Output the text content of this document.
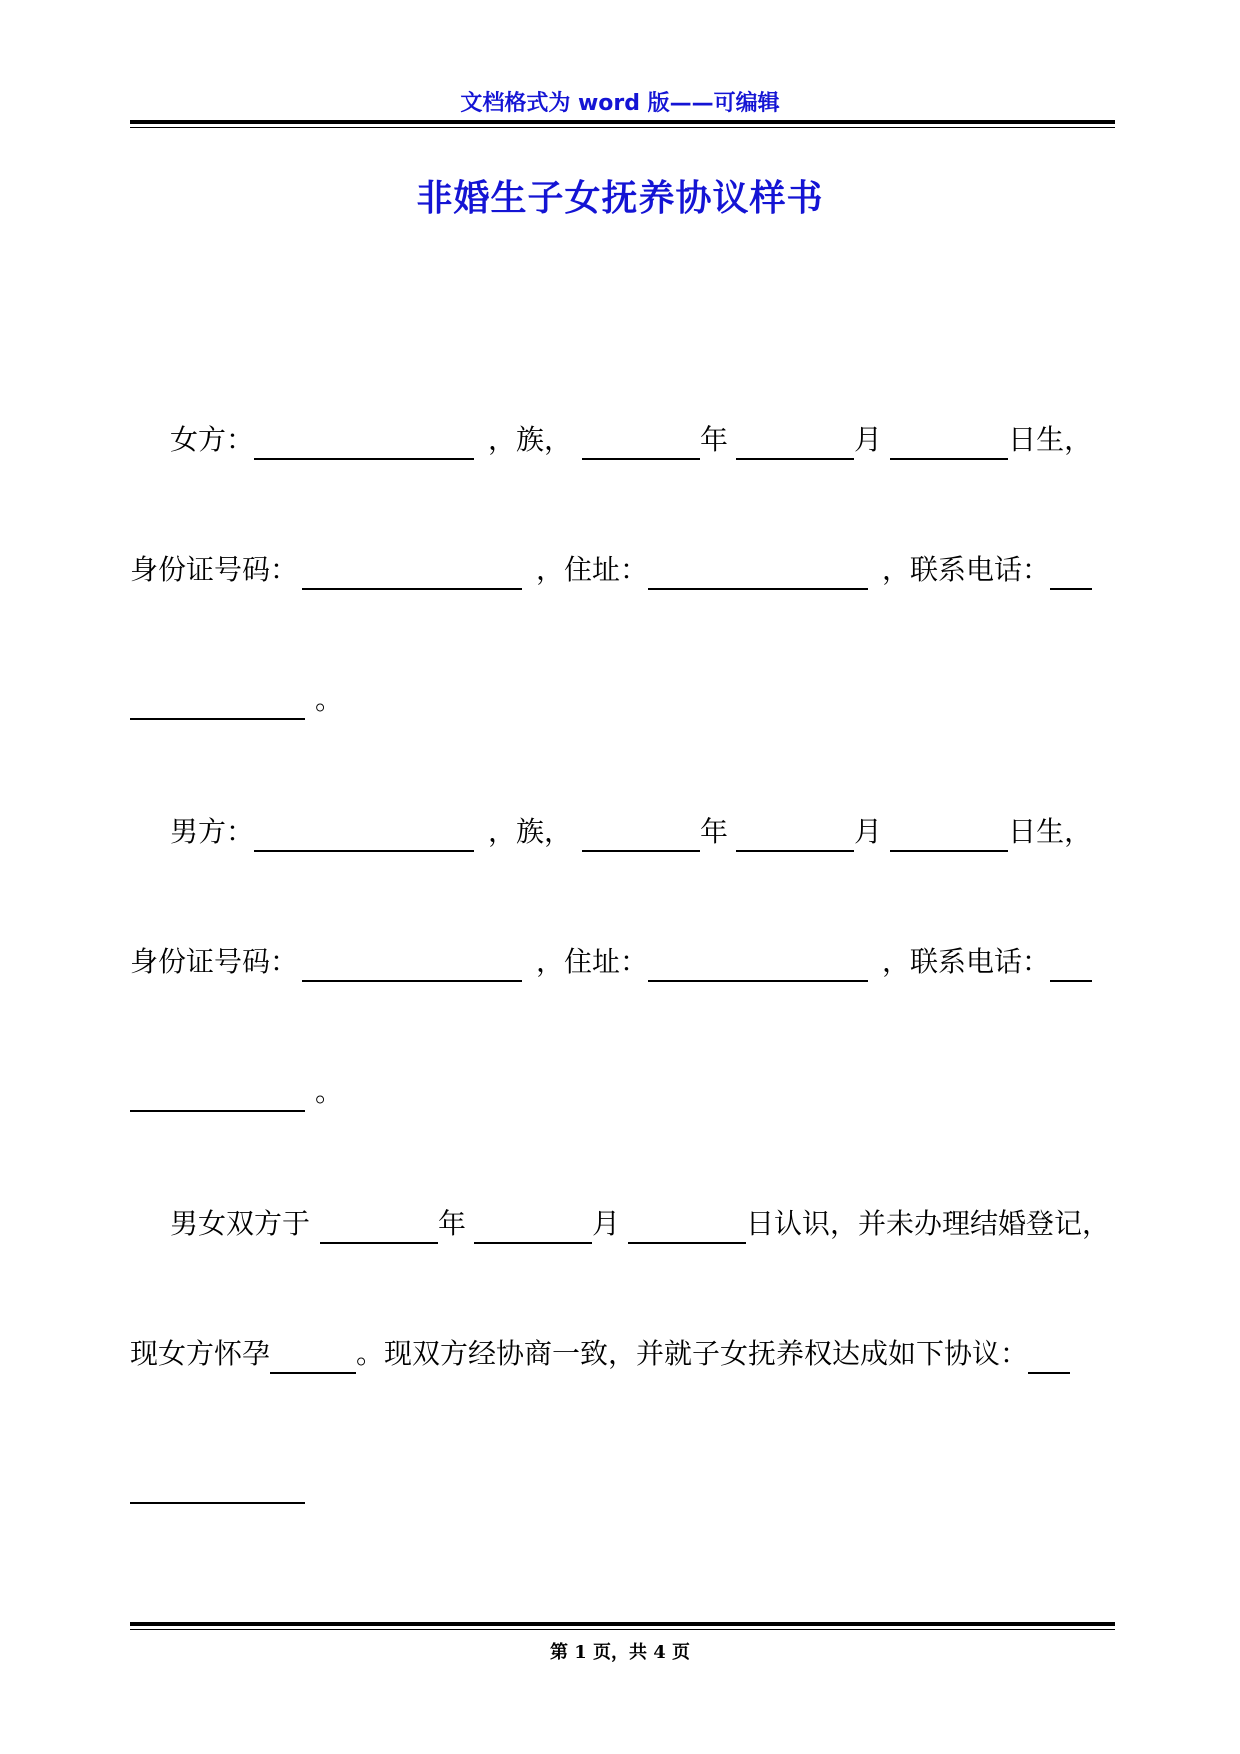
文档格式为 word 版——可编辑
非婚生子女抚养协议样书
女方：	，族，	年	月	日生，
身份证号码：	，住址：	，联系电话：
。
男方：	，族，	年	月	日生，
身份证号码：	，住址：	，联系电话：
。
男女双方于	年	月	日认识，并未办理结婚登记，
现女方怀孕	。现双方经协商一致，并就子女抚养权达成如下协议：
第 1 页，共 4 页
